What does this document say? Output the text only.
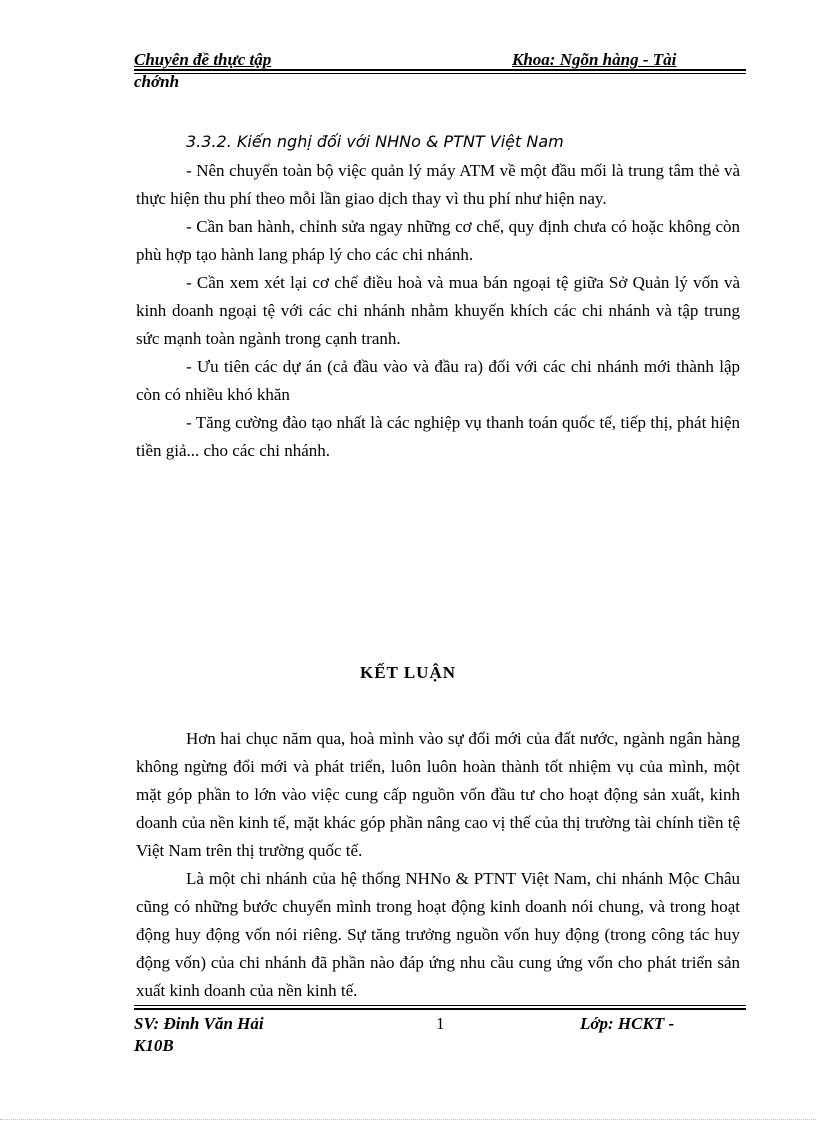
Chuyên đề thực tập	Khoa: Ngõn hàng - Tài
chớnh
3.3.2. Kiến nghị đối với NHNo & PTNT Việt Nam

- Nên chuyển toàn bộ việc quản lý máy ATM về một đầu mối là trung tâm thẻ và thực hiện thu phí theo mỗi lần giao dịch thay vì thu phí như hiện nay.

- Cần ban hành, chỉnh sửa ngay những cơ chế, quy định chưa có hoặc không còn phù hợp tạo hành lang pháp lý cho các chi nhánh.

- Cần xem xét lại cơ chế điều hoà và mua bán ngoại tệ giữa Sở Quản lý vốn và kinh doanh ngoại tệ với các chi nhánh nhằm khuyến khích các chi nhánh và tập trung sức mạnh toàn ngành trong cạnh tranh.

- Ưu tiên các dự án (cả đầu vào và đầu ra) đối với các chi nhánh mới thành lập còn có nhiều khó khăn

- Tăng cường đào tạo nhất là các nghiệp vụ thanh toán quốc tế, tiếp thị, phát hiện tiền giả... cho các chi nhánh.

KẾT LUẬN

Hơn hai chục năm qua, hoà mình vào sự đổi mới của đất nước, ngành ngân hàng không ngừng đổi mới và phát triển, luôn luôn hoàn thành tốt nhiệm vụ của mình, một mặt góp phần to lớn vào việc cung cấp nguồn vốn đầu tư cho hoạt động sản xuất, kinh doanh của nền kinh tế, mặt khác góp phần nâng cao vị thế của thị trường tài chính tiền tệ Việt Nam trên thị trường quốc tế.

Là một chi nhánh của hệ thống NHNo & PTNT Việt Nam, chi nhánh Mộc Châu cũng có những bước chuyển mình trong hoạt động kinh doanh nói chung, và trong hoạt động huy động vốn nói riêng. Sự tăng trưởng nguồn vốn huy động (trong công tác huy động vốn) của chi nhánh đã phần nào đáp ứng nhu cầu cung ứng vốn cho phát triển sản xuất kinh doanh của nền kinh tế.

SV: Đinh Văn Hải	1	Lớp: HCKT -
K10B
